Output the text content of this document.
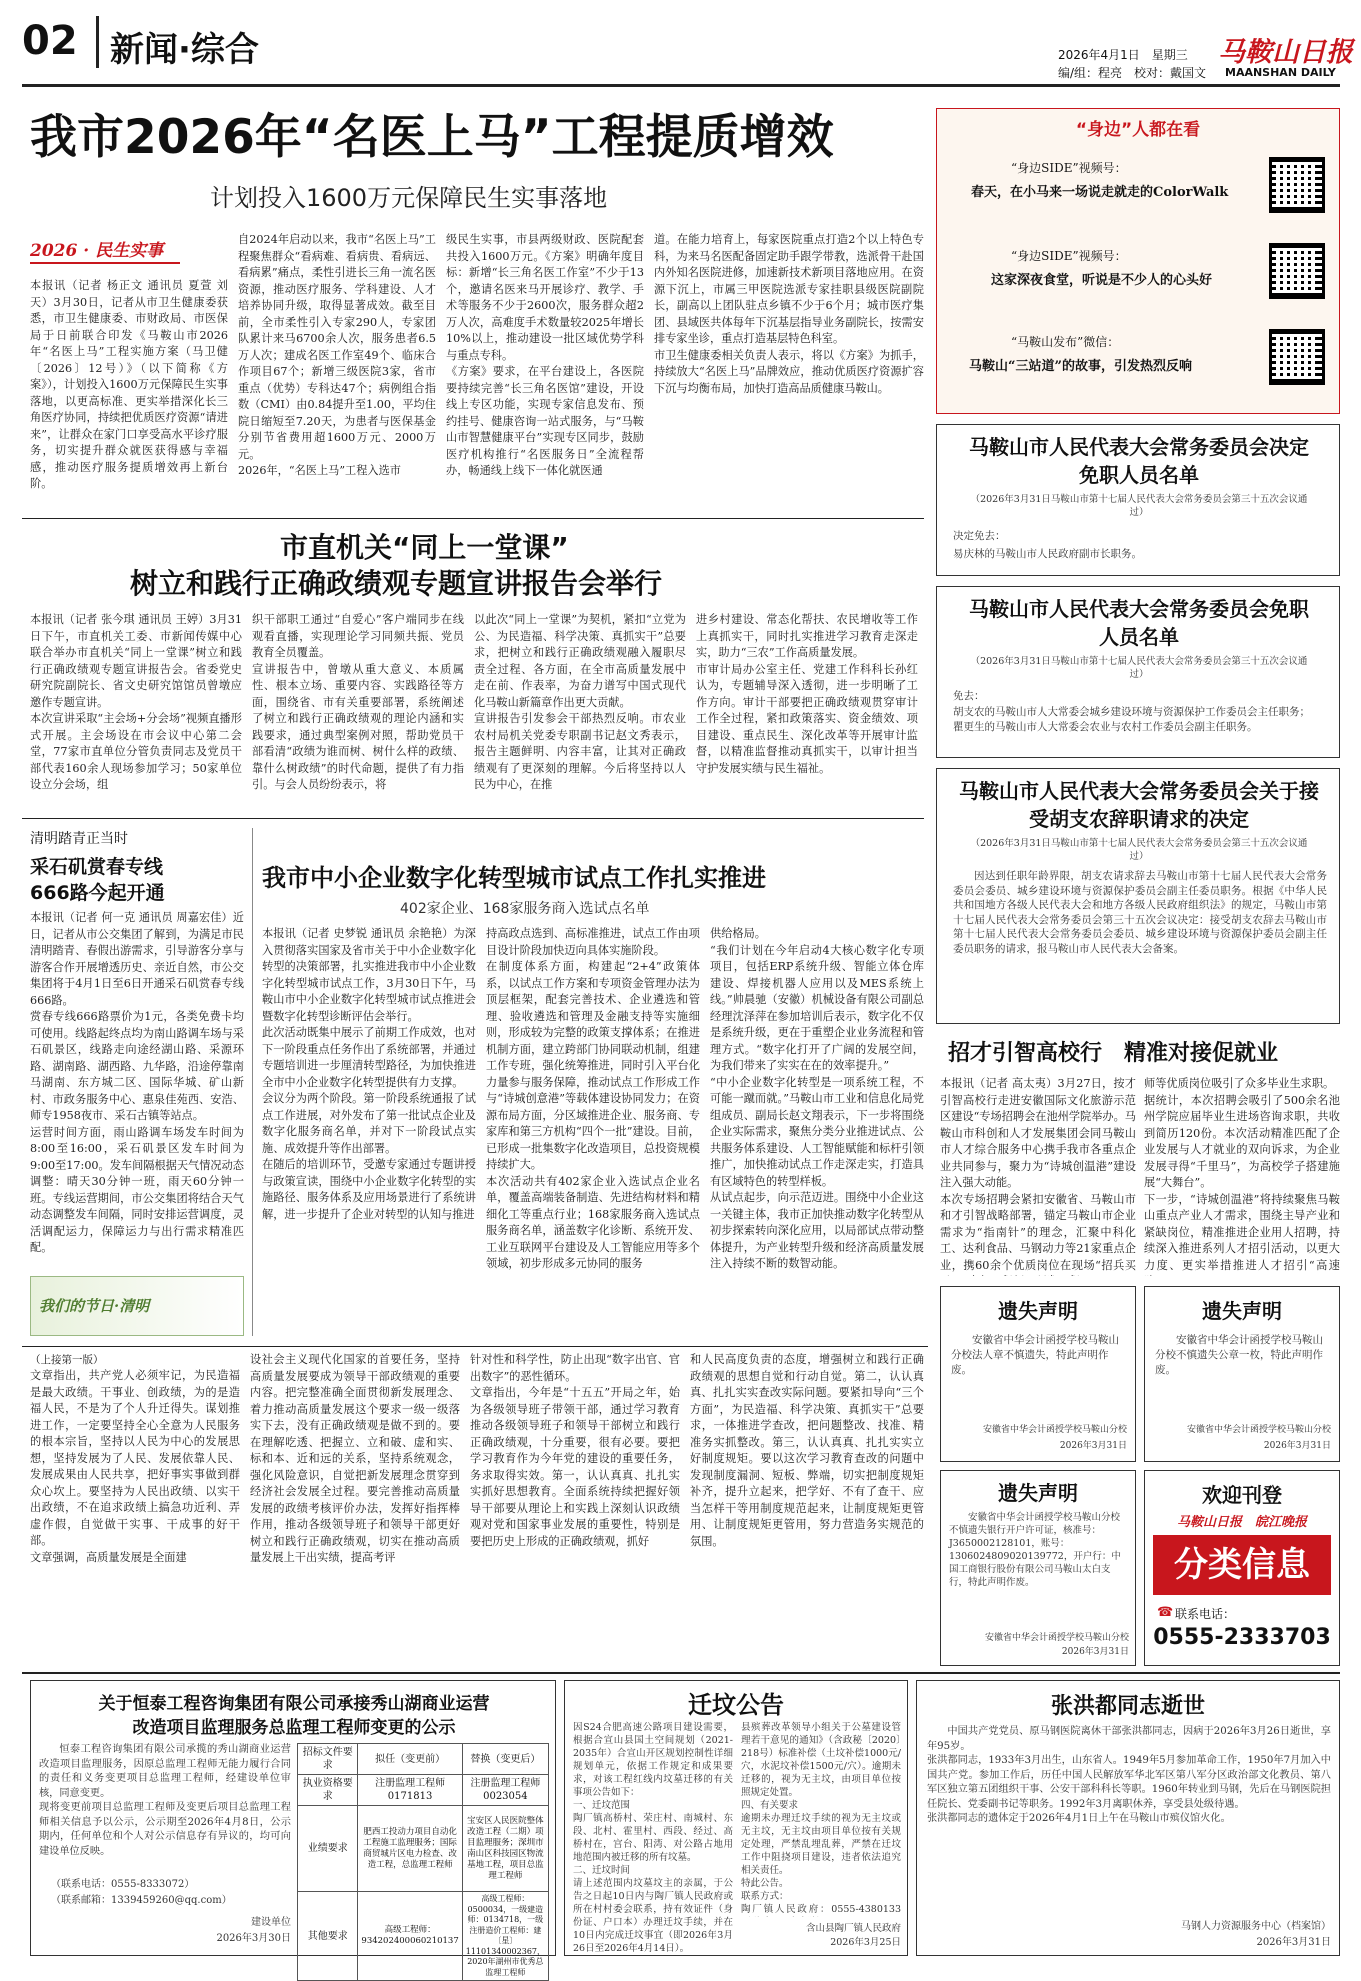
02 新闻·综合	2026年4月1日　星期三
编/组：程亮　校对：戴国文
马鞍山日报
MAANSHAN DAILY
我市2026年“名医上马”工程提质增效
计划投入1600万元保障民生实事落地
2026 · 民生实事
本报讯（记者 杨正文 通讯员 夏萱 刘天）3月30日，记者从市卫生健康委获悉，市卫生健康委、市财政局、市医保局于日前联合印发《马鞍山市2026年“名医上马”工程实施方案（马卫健〔2026〕12号）》（以下简称《方案》），计划投入1600万元保障民生实事落地，以更高标准、更实举措深化长三角医疗协同，持续把优质医疗资源“请进来”，让群众在家门口享受高水平诊疗服务，切实提升群众就医获得感与幸福感，推动医疗服务提质增效再上新台阶。
自2024年启动以来，我市“名医上马”工程聚焦群众“看病难、看病贵、看病远、看病累”痛点，柔性引进长三角一流名医资源，推动医疗服务、学科建设、人才培养协同升级，取得显著成效。截至目前，全市柔性引入专家290人，专家团队累计来马6700余人次，服务患者6.5万人次；建成名医工作室49个、临床合作项目67个；新增三级医院3家，省市重点（优势）专科达47个；病例组合指数（CMI）由0.84提升至1.00，平均住院日缩短至7.20天，为患者与医保基金分别节省费用超1600万元、2000万元。
2026年，“名医上马”工程入选市
级民生实事，市县两级财政、医院配套共投入1600万元。《方案》明确年度目标：新增“长三角名医工作室”不少于13个，邀请名医来马开展诊疗、教学、手术等服务不少于2600次，服务群众超2万人次，高难度手术数量较2025年增长10%以上，推动建设一批区域优势学科与重点专科。
《方案》要求，在平台建设上，各医院要持续完善“长三角名医馆”建设，开设线上专区功能，实现专家信息发布、预约挂号、健康咨询一站式服务，与“马鞍山市智慧健康平台”实现专区同步，鼓励医疗机构推行“名医服务日”全流程帮办，畅通线上线下一体化就医通
道。在能力培育上，每家医院重点打造2个以上特色专科，为来马名医配备固定助手跟学带教，选派骨干赴国内外知名医院进修，加速新技术新项目落地应用。在资源下沉上，市属三甲医院选派专家挂职县级医院副院长，副高以上团队驻点乡镇不少于6个月；城市医疗集团、县域医共体每年下沉基层指导业务副院长，按需安排专家坐诊，重点打造基层特色科室。
市卫生健康委相关负责人表示，将以《方案》为抓手，持续放大“名医上马”品牌效应，推动优质医疗资源扩容下沉与均衡布局，加快打造高品质健康马鞍山。
“身边”人都在看
“身边SIDE”视频号：
春天，在小马来一场说走就走的ColorWalk
“身边SIDE”视频号：
这家深夜食堂，听说是不少人的心头好
“马鞍山发布”微信：
马鞍山“三站道”的故事，引发热烈反响
马鞍山市人民代表大会常务委员会决定免职人员名单
（2026年3月31日马鞍山市第十七届人民代表大会常务委员会第三十五次会议通过）
决定免去：
易庆林的马鞍山市人民政府副市长职务。
马鞍山市人民代表大会常务委员会免职人员名单
（2026年3月31日马鞍山市第十七届人民代表大会常务委员会第三十五次会议通过）
免去：
胡支农的马鞍山市人大常委会城乡建设环境与资源保护工作委员会主任职务；
瞿更生的马鞍山市人大常委会农业与农村工作委员会副主任职务。
马鞍山市人民代表大会常务委员会关于接受胡支农辞职请求的决定
（2026年3月31日马鞍山市第十七届人民代表大会常务委员会第三十五次会议通过）
因达到任职年龄界限，胡支农请求辞去马鞍山市第十七届人民代表大会常务委员会委员、城乡建设环境与资源保护委员会副主任委员职务。根据《中华人民共和国地方各级人民代表大会和地方各级人民政府组织法》的规定，马鞍山市第十七届人民代表大会常务委员会第三十五次会议决定：接受胡支农辞去马鞍山市第十七届人民代表大会常务委员会委员、城乡建设环境与资源保护委员会副主任委员职务的请求，报马鞍山市人民代表大会备案。
市直机关“同上一堂课”
树立和践行正确政绩观专题宣讲报告会举行
本报讯（记者 张今琪 通讯员 王婷）3月31日下午，市直机关工委、市新闻传媒中心联合举办市直机关“同上一堂课”树立和践行正确政绩观专题宣讲报告会。省委党史研究院副院长、省文史研究馆馆员曾墩应邀作专题宣讲。
本次宣讲采取“主会场+分会场”视频直播形式开展。主会场设在市会议中心第二会堂，77家市直单位分管负责同志及党员干部代表160余人现场参加学习；50家单位设立分会场，组
织干部职工通过“自爱心”客户端同步在线观看直播，实现理论学习同频共振、党员教育全员覆盖。
宣讲报告中，曾墩从重大意义、本质属性、根本立场、重要内容、实践路径等方面，围绕省、市有关重要部署，系统阐述了树立和践行正确政绩观的理论内涵和实践要求，通过典型案例对照，帮助党员干部看清“政绩为谁而树、树什么样的政绩、靠什么树政绩”的时代命题，提供了有力指引。与会人员纷纷表示，将
以此次“同上一堂课”为契机，紧扣“立党为公、为民造福、科学决策、真抓实干”总要求，把树立和践行正确政绩观融入履职尽责全过程、各方面，在全市高质量发展中走在前、作表率，为奋力谱写中国式现代化马鞍山新篇章作出更大贡献。
宣讲报告引发参会干部热烈反响。市农业农村局机关党委专职副书记赵文秀表示，报告主题鲜明、内容丰富，让其对正确政绩观有了更深刻的理解。今后将坚持以人民为中心，在推
进乡村建设、常态化帮扶、农民增收等工作上真抓实干，同时扎实推进学习教育走深走实，助力“三农”工作高质量发展。
市审计局办公室主任、党建工作科科长孙红认为，专题辅导深入透彻，进一步明晰了工作方向。审计干部要把正确政绩观贯穿审计工作全过程，紧扣政策落实、资金绩效、项目建设、重点民生、深化改革等开展审计监督，以精准监督推动真抓实干，以审计担当守护发展实绩与民生福祉。
清明踏青正当时
采石矶赏春专线
666路今起开通
本报讯（记者 何一克 通讯员 周嘉宏佳）近日，记者从市公交集团了解到，为满足市民清明踏青、春假出游需求，引导游客分享与游客合作开展增透历史、亲近自然，市公交集团将于4月1日至6日开通采石矶赏春专线666路。
赏春专线666路票价为1元，各类免费卡均可使用。线路起终点均为南山路调车场与采石矶景区，线路走向途经湖山路、采源环路、湖南路、湖西路、九华路，沿途停靠南马湖南、东方城二区、国际华城、矿山新村、市政务服务中心、惠泉佳苑西、安浩、师专1958夜市、采石古镇等站点。
运营时间方面，雨山路调车场发车时间为8:00至16:00，采石矶景区发车时间为9:00至17:00。发车间隔根据天气情况动态调整：晴天30分钟一班，雨天60分钟一班。专线运营期间，市公交集团将结合天气动态调整发车间隔，同时安排运营调度，灵活调配运力，保障运力与出行需求精准匹配。
我们的节日·清明
我市中小企业数字化转型城市试点工作扎实推进
402家企业、168家服务商入选试点名单
本报讯（记者 史梦锐 通讯员 余艳艳）为深入贯彻落实国家及省市关于中小企业数字化转型的决策部署，扎实推进我市中小企业数字化转型城市试点工作，3月30日下午，马鞍山市中小企业数字化转型城市试点推进会暨数字化转型诊断评估会举行。
此次活动既集中展示了前期工作成效，也对下一阶段重点任务作出了系统部署，并通过专题培训进一步厘清转型路径，为加快推进全市中小企业数字化转型提供有力支撑。
会议分为两个阶段。第一阶段系统通报了试点工作进展，对外发布了第一批试点企业及数字化服务商名单，并对下一阶段试点实施、成效提升等作出部署。
在随后的培训环节，受邀专家通过专题讲授与政策宣读，围绕中小企业数字化转型的实施路径、服务体系及应用场景进行了系统讲解，进一步提升了企业对转型的认知与推进
持高政点选到、高标准推进，试点工作由项目设计阶段加快迈向具体实施阶段。
在制度体系方面，构建起“2+4”政策体系，以试点工作方案和专项资金管理办法为顶层框架，配套完善技术、企业遴选和管理、验收遴选和管理及金融支持等实施细则，形成较为完整的政策支撑体系；在推进机制方面，建立跨部门协同联动机制，组建工作专班，强化统筹推进，同时引入平台化力量参与服务保障，推动试点工作形成工作与“诗城创意港”等载体建设协同发力；在资源布局方面，分区域推进企业、服务商、专家库和第三方机构“四个一批”建设。目前，已形成一批集数字化改造项目，总投资规模持续扩大。
本次活动共有402家企业入选试点企业名单，覆盖高端装备制造、先进结构材料和精细化工等重点行业；168家服务商入选试点服务商名单，涵盖数字化诊断、系统开发、工业互联网平台建设及人工智能应用等多个领域，初步形成多元协同的服务
供给格局。
“我们计划在今年启动4大核心数字化专项项目，包括ERP系统升级、智能立体仓库建设、焊接机器人应用以及MES系统上线。”帅晨驰（安徽）机械设备有限公司副总经理沈泽萍在参加培训后表示，数字化不仅是系统升级，更在于重塑企业业务流程和管理方式。“数字化打开了广阔的发展空间，为我们带来了实实在在的效率提升。”
“中小企业数字化转型是一项系统工程，不可能一蹴而就。”马鞍山市工业和信息化局党组成员、副局长赵文翔表示，下一步将围绕企业实际需求，聚焦分类分业推进试点、公共服务体系建设、人工智能赋能和标杆引领推广，加快推动试点工作走深走实，打造具有区域特色的转型样板。
从试点起步，向示范迈进。围绕中小企业这一关键主体，我市正加快推动数字化转型从初步探索转向深化应用，以局部试点带动整体提升，为产业转型升级和经济高质量发展注入持续不断的数智动能。
招才引智高校行　精准对接促就业
本报讯（记者 高太夷）3月27日，按才引智高校行走进安徽国际文化旅游示范区建设“专场招聘会在池州学院举办。马鞍山市科创和人才发展集团会同马鞍山市人才综合服务中心携手我市各重点企业共同参与，聚力为“诗城创温港”建设注入强大动能。
本次专场招聘会紧扣安徽省、马鞍山市和才引智战略部署，锚定马鞍山市企业需求为“指南针”的理念，汇聚中科化工、达利食品、马钢动力等21家重点企业，携60余个优质岗位在现场“招兵买
师等优质岗位吸引了众多毕业生求职。
据统计，本次招聘会吸引了500余名池州学院应届毕业生进场咨询求职，共收到简历120份。本次活动精准匹配了企业发展与人才就业的双向诉求，为企业发展寻得“千里马”，为高校学子搭建施展“大舞台”。
下一步，“诗城创温港”将持续聚焦马鞍山重点产业人才需求，围绕主导产业和紧缺岗位，精准推进企业用人招聘，持续深入推进系列人才招引活动，以更大力度、更实举措推进人才招引“高速
遗失声明
安徽省中华会计函授学校马鞍山分校法人章不慎遗失，特此声明作废。
安徽省中华会计函授学校马鞍山分校
2026年3月31日
遗失声明
安徽省中华会计函授学校马鞍山分校不慎遗失公章一枚，特此声明作废。
安徽省中华会计函授学校马鞍山分校
2026年3月31日
遗失声明
安徽省中华会计函授学校马鞍山分校不慎遗失银行开户许可证，核准号：J3650002128101，账号：1306024809020139772，开户行：中国工商银行股份有限公司马鞍山太白支行，特此声明作废。
安徽省中华会计函授学校马鞍山分校
2026年3月31日
欢迎刊登
马鞍山日报　皖江晚报
分类信息
☎ 联系电话：
0555-2333703
（上接第一版）
文章指出，共产党人必须牢记，为民造福是最大政绩。干事业、创政绩，为的是造福人民，不是为了个人升迁得失。谋划推进工作，一定要坚持全心全意为人民服务的根本宗旨，坚持以人民为中心的发展思想，坚持发展为了人民、发展依靠人民、发展成果由人民共享，把好事实事做到群众心坎上。要坚持为人民出政绩、以实干出政绩，不在追求政绩上搞急功近利、弄虚作假，自觉做干实事、干成事的好干部。
文章强调，高质量发展是全面建
设社会主义现代化国家的首要任务，坚持高质量发展要成为领导干部政绩观的重要内容。把完整准确全面贯彻新发展理念、着力推动高质量发展这个要求一级一级落实下去，没有正确政绩观是做不到的。要在理解吃透、把握立、立和破、虚和实、标和本、近和远的关系，坚持系统观念，强化风险意识，自觉把新发展理念贯穿到经济社会发展全过程。要完善推动高质量发展的政绩考核评价办法，发挥好指挥棒作用，推动各级领导班子和领导干部更好树立和践行正确政绩观，切实在推动高质量发展上干出实绩，提高考评
针对性和科学性，防止出现“数字出官、官出数字”的恶性循环。
文章指出，今年是“十五五”开局之年，始为各级领导班子带领干部，通过学习教育推动各级领导班子和领导干部树立和践行正确政绩观，十分重要，很有必要。要把学习教育作为今年党的建设的重要任务，务求取得实效。第一，认认真真、扎扎实实抓好思想教育。全面系统持续把握好领导干部要从理论上和实践上深刻认识政绩观对党和国家事业发展的重要性，特别是要把历史上形成的正确政绩观，抓好
和人民高度负责的态度，增强树立和践行正确政绩观的思想自觉和行动自觉。第二，认认真真、扎扎实实查改实际问题。要紧扣导向“三个方面”，为民造福、科学决策、真抓实干”总要求，一体推进学查改，把问题整改、找准、精准务实抓整改。第三，认认真真、扎扎实实立好制度规矩。要以这次学习教育查改的问题中发现制度漏洞、短板、弊端，切实把制度规矩补齐，提升立起来，把学好、不有了查干、应当怎样干等用制度规范起来，让制度规矩更管用、让制度规矩更管用，努力营造务实规范的氛围。
关于恒泰工程咨询集团有限公司承接秀山湖商业运营
改造项目监理服务总监理工程师变更的公示
恒泰工程咨询集团有限公司承揽的秀山湖商业运营改造项目监理服务，因原总监理工程师无能力履行合同的责任和义务变更项目总监理工程师，经建设单位审核，同意变更。
现将变更前项目总监理工程师及变更后项目总监理工程师相关信息予以公示，公示期至2026年4月8日，公示期内，任何单位和个人对公示信息存有异议的，均可向建设单位反映。
（联系电话：0555-8333072）
（联系邮箱：1339459260@qq.com）
建设单位
2026年3月30日
招标文件要求	拟任（变更前）	替换（变更后）
执业资格要求	注册监理工程师 0171813	注册监理工程师 0023054
业绩要求	肥西工投动力项目自动化工程施工监理服务；国际商贸城片区电力检查、改造工程，总监理工程师	宝安区人民医院整体改造工程（二期）项目监理服务；深圳市南山区科技园区物流基地工程，项目总监理工程师
其他要求	高级工程师：934202400060210137	高级工程师：0500034，一级建造师：0134718，一级注册造价工程师：建〔星〕11101340002367，2020年湖州市优秀总监理工程师
迁坟公告
因S24合肥高速公路项目建设需要，根据合宣山县国土空间规划（2021-2035年）合宣山开区规划控制性详细规划单元，依据工作规定和成果要求，对该工程红线内坟墓迁移的有关事项公告如下：
一、迁坟范围
陶厂镇高桥村、荣庄村、南城村、东段、北村、霍里村、西段、经过、高桥村在，宫台、阳湾、对公路占地用地范围内被迁移的所有坟墓。
二、迁坟时间
请上述范围内坟墓坟主的亲属，于公告之日起10日内与陶厂镇人民政府或所在村村委会联系，持有效证件（身份证、户口本）办理迁坟手续，并在10日内完成迁坟事宜（即2026年3月26日至2026年4月14日）。

县殡葬改革领导小组关于公墓建设管理若干意见的通知》（含政秘〔2020〕218号）标准补偿（土坟补偿1000元/穴，水泥坟补偿1500元/穴）。逾期未迁移的，视为无主坟，由项目单位按照规定处置。
四、有关要求
逾期未办理迁坟手续的视为无主坟或无主坟，无主坟由项目单位按有关规定处理，严禁乱埋乱葬，严禁在迁坟工作中阻挠项目建设，违者依法追究相关责任。
特此公告。
联系方式：
陶厂镇人民政府：0555-4380133

含山县陶厂镇人民政府
2026年3月25日
张洪都同志逝世
中国共产党党员、原马钢医院离休干部张洪都同志，因病于2026年3月26日逝世，享年95岁。
张洪都同志，1933年3月出生，山东省人。1949年5月参加革命工作，1950年7月加入中国共产党。参加工作后，历任中国人民解放军华北军区第八军分区政治部文化教员、第八军区独立第五团组织干事、公安干部科科长等职。1960年转业到马钢，先后在马钢医院担任院长、党委副书记等职务。1992年3月离职休养，享受县处级待遇。
张洪都同志的遗体定于2026年4月1日上午在马鞍山市殡仪馆火化。
马钢人力资源服务中心（档案馆）
2026年3月31日
